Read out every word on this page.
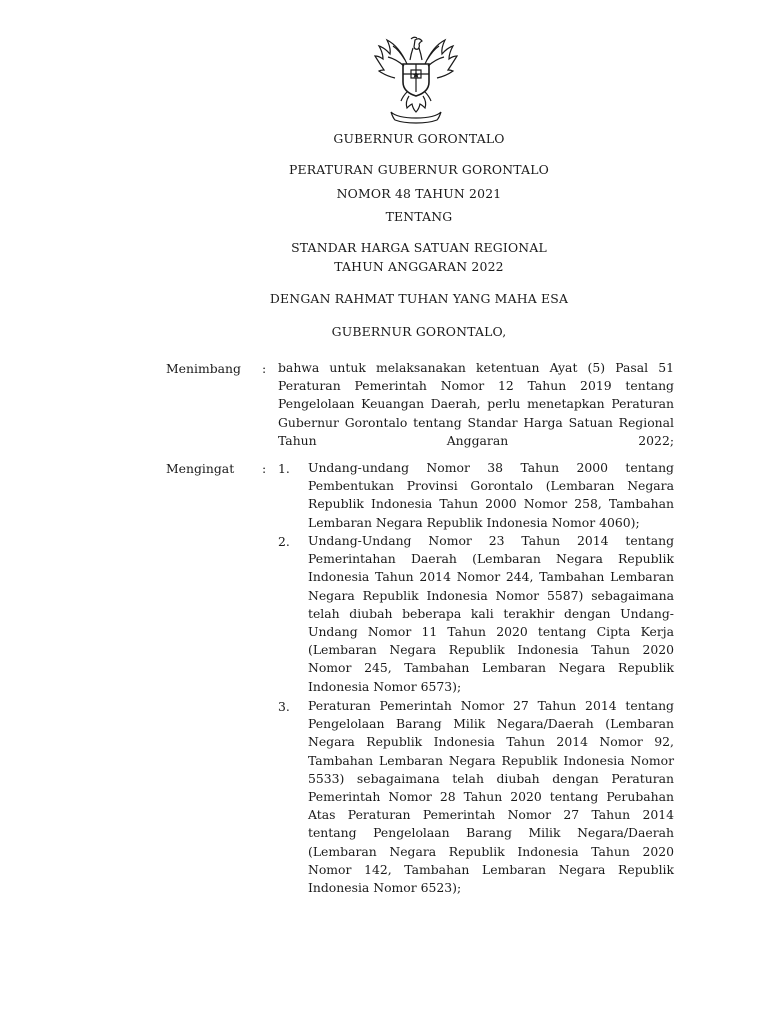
GUBERNUR GORONTALO
PERATURAN GUBERNUR GORONTALO
NOMOR 48 TAHUN 2021
TENTANG
STANDAR HARGA SATUAN REGIONAL
TAHUN ANGGARAN 2022
DENGAN RAHMAT TUHAN YANG MAHA ESA
GUBERNUR GORONTALO,
Menimbang : bahwa untuk melaksanakan ketentuan Ayat (5) Pasal 51 Peraturan Pemerintah Nomor 12 Tahun 2019 tentang Pengelolaan Keuangan Daerah, perlu menetapkan Peraturan Gubernur Gorontalo tentang Standar Harga Satuan Regional Tahun Anggaran 2022;

Mengingat : 1. Undang-undang Nomor 38 Tahun 2000 tentang Pembentukan Provinsi Gorontalo (Lembaran Negara Republik Indonesia Tahun 2000 Nomor 258, Tambahan Lembaran Negara Republik Indonesia Nomor 4060);

2. Undang-Undang Nomor 23 Tahun 2014 tentang Pemerintahan Daerah (Lembaran Negara Republik Indonesia Tahun 2014 Nomor 244, Tambahan Lembaran Negara Republik Indonesia Nomor 5587) sebagaimana telah diubah beberapa kali terakhir dengan Undang-Undang Nomor 11 Tahun 2020 tentang Cipta Kerja (Lembaran Negara Republik Indonesia Tahun 2020 Nomor 245, Tambahan Lembaran Negara Republik Indonesia Nomor 6573);

3. Peraturan Pemerintah Nomor 27 Tahun 2014 tentang Pengelolaan Barang Milik Negara/Daerah (Lembaran Negara Republik Indonesia Tahun 2014 Nomor 92, Tambahan Lembaran Negara Republik Indonesia Nomor 5533) sebagaimana telah diubah dengan Peraturan Pemerintah Nomor 28 Tahun 2020 tentang Perubahan Atas Peraturan Pemerintah Nomor 27 Tahun 2014 tentang Pengelolaan Barang Milik Negara/Daerah (Lembaran Negara Republik Indonesia Tahun 2020 Nomor 142, Tambahan Lembaran Negara Republik Indonesia Nomor 6523);
